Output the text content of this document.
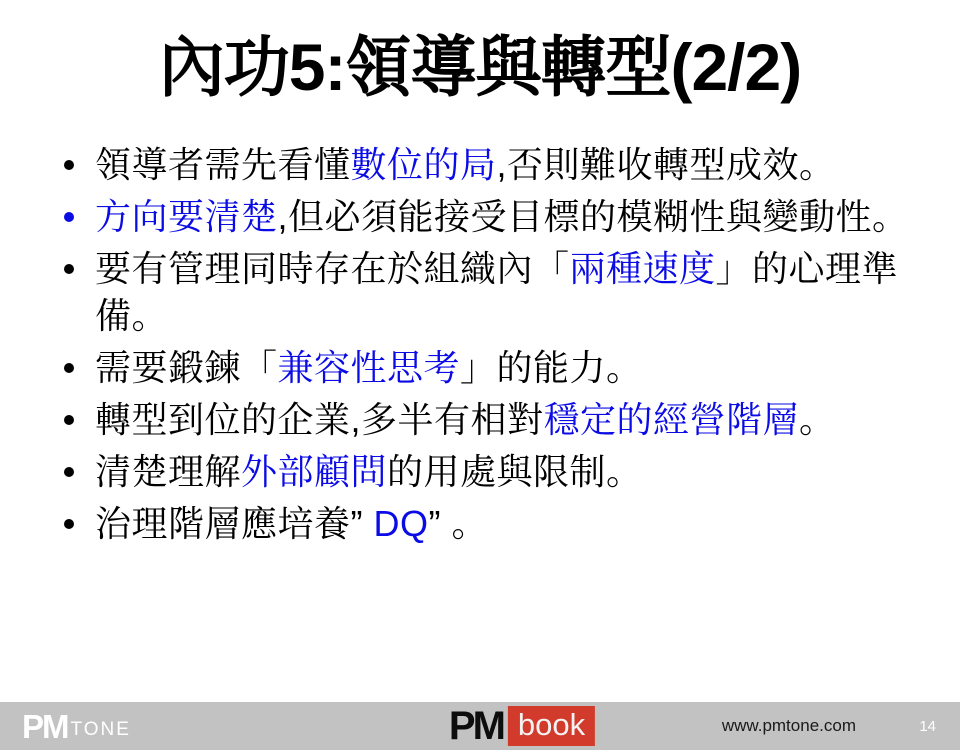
內功5:領導與轉型(2/2)
領導者需先看懂數位的局,否則難收轉型成效。
方向要清楚,但必須能接受目標的模糊性與變動性。
要有管理同時存在於組織內「兩種速度」的心理準備。
需要鍛鍊「兼容性思考」的能力。
轉型到位的企業,多半有相對穩定的經營階層。
清楚理解外部顧問的用處與限制。
治理階層應培養” DQ” 。
PM TONE	PM book	www.pmtone.com	14
